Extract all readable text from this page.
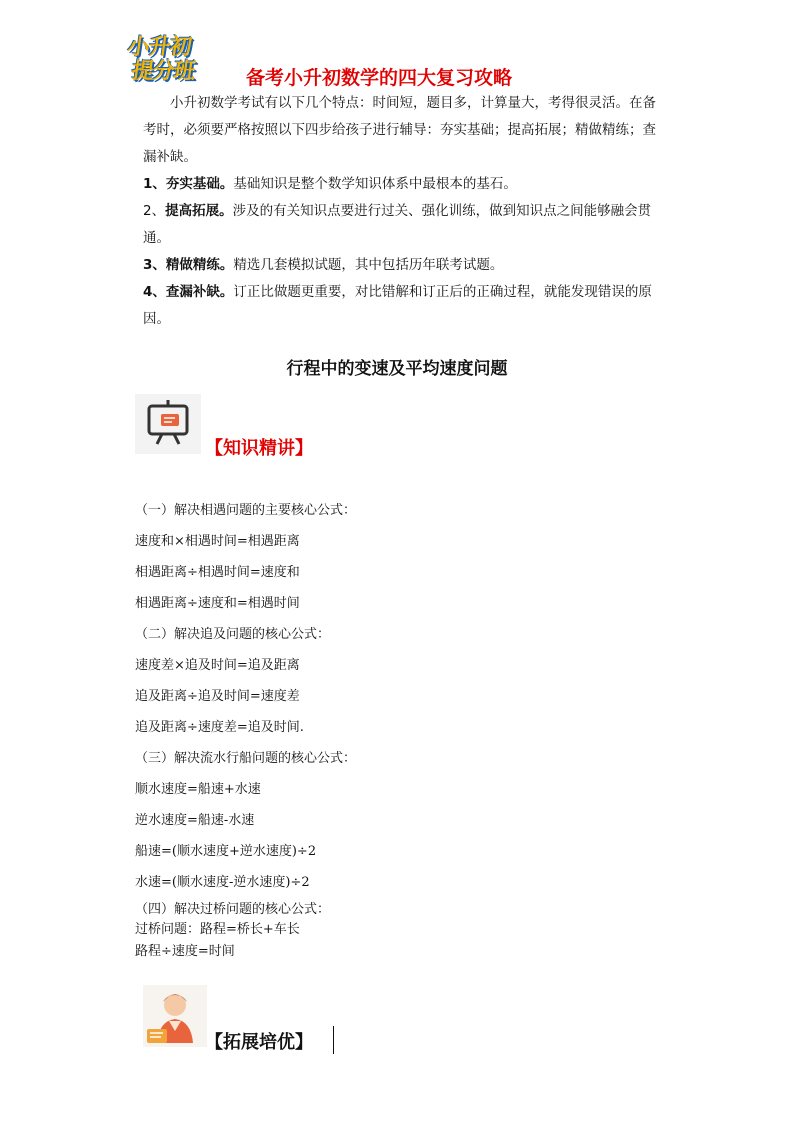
小升初
提分班	备考小升初数学的四大复习攻略
小升初数学考试有以下几个特点：时间短，题目多，计算量大，考得很灵活。在备考时，必须要严格按照以下四步给孩子进行辅导：夯实基础；提高拓展；精做精练；查漏补缺。
1、夯实基础。基础知识是整个数学知识体系中最根本的基石。
2、提高拓展。涉及的有关知识点要进行过关、强化训练，做到知识点之间能够融会贯通。
3、精做精练。精选几套模拟试题，其中包括历年联考试题。
4、查漏补缺。订正比做题更重要，对比错解和订正后的正确过程，就能发现错误的原因。
行程中的变速及平均速度问题
【知识精讲】
（一）解决相遇问题的主要核心公式：
速度和×相遇时间=相遇距离
相遇距离÷相遇时间=速度和
相遇距离÷速度和=相遇时间
（二）解决追及问题的核心公式：
速度差×追及时间=追及距离
追及距离÷追及时间=速度差
追及距离÷速度差=追及时间.
（三）解决流水行船问题的核心公式：
顺水速度=船速+水速
逆水速度=船速-水速
船速=(顺水速度+逆水速度)÷2
水速=(顺水速度-逆水速度)÷2
（四）解决过桥问题的核心公式：
过桥问题：路程=桥长+车长
路程÷速度=时间
【拓展培优】
